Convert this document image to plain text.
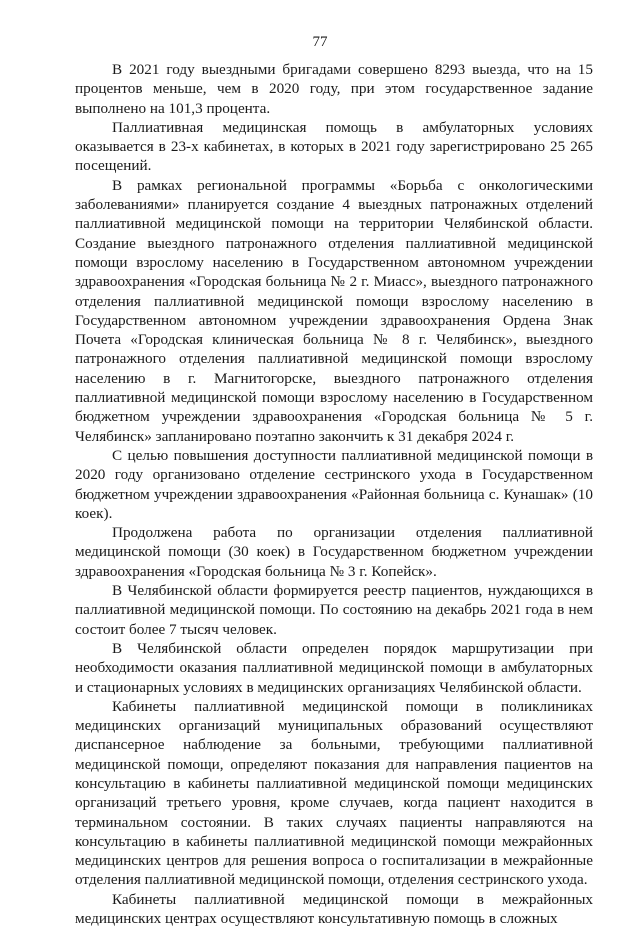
77

В 2021 году выездными бригадами совершено 8293 выезда, что на 15 процентов меньше, чем в 2020 году, при этом государственное задание выполнено на 101,3 процента.

Паллиативная медицинская помощь в амбулаторных условиях оказывается в 23-х кабинетах, в которых в 2021 году зарегистрировано 25 265 посещений.

В рамках региональной программы «Борьба с онкологическими заболеваниями» планируется создание 4 выездных патронажных отделений паллиативной медицинской помощи на территории Челябинской области. Создание выездного патронажного отделения паллиативной медицинской помощи взрослому населению в Государственном автономном учреждении здравоохранения «Городская больница № 2 г. Миасс», выездного патронажного отделения паллиативной медицинской помощи взрослому населению в Государственном автономном учреждении здравоохранения Ордена Знак Почета «Городская клиническая больница № 8 г. Челябинск», выездного патронажного отделения паллиативной медицинской помощи взрослому населению в г. Магнитогорске, выездного патронажного отделения паллиативной медицинской помощи взрослому населению в Государственном бюджетном учреждении здравоохранения «Городская больница № 5 г. Челябинск» запланировано поэтапно закончить к 31 декабря 2024 г.

С целью повышения доступности паллиативной медицинской помощи в 2020 году организовано отделение сестринского ухода в Государственном бюджетном учреждении здравоохранения «Районная больница с. Кунашак» (10 коек).

Продолжена работа по организации отделения паллиативной медицинской помощи (30 коек) в Государственном бюджетном учреждении здравоохранения «Городская больница № 3 г. Копейск».

В Челябинской области формируется реестр пациентов, нуждающихся в паллиативной медицинской помощи. По состоянию на декабрь 2021 года в нем состоит более 7 тысяч человек.

В Челябинской области определен порядок маршрутизации при необходимости оказания паллиативной медицинской помощи в амбулаторных и стационарных условиях в медицинских организациях Челябинской области.

Кабинеты паллиативной медицинской помощи в поликлиниках медицинских организаций муниципальных образований осуществляют диспансерное наблюдение за больными, требующими паллиативной медицинской помощи, определяют показания для направления пациентов на консультацию в кабинеты паллиативной медицинской помощи медицинских организаций третьего уровня, кроме случаев, когда пациент находится в терминальном состоянии. В таких случаях пациенты направляются на консультацию в кабинеты паллиативной медицинской помощи межрайонных медицинских центров для решения вопроса о госпитализации в межрайонные отделения паллиативной медицинской помощи, отделения сестринского ухода.

Кабинеты паллиативной медицинской помощи в межрайонных медицинских центрах осуществляют консультативную помощь в сложных
